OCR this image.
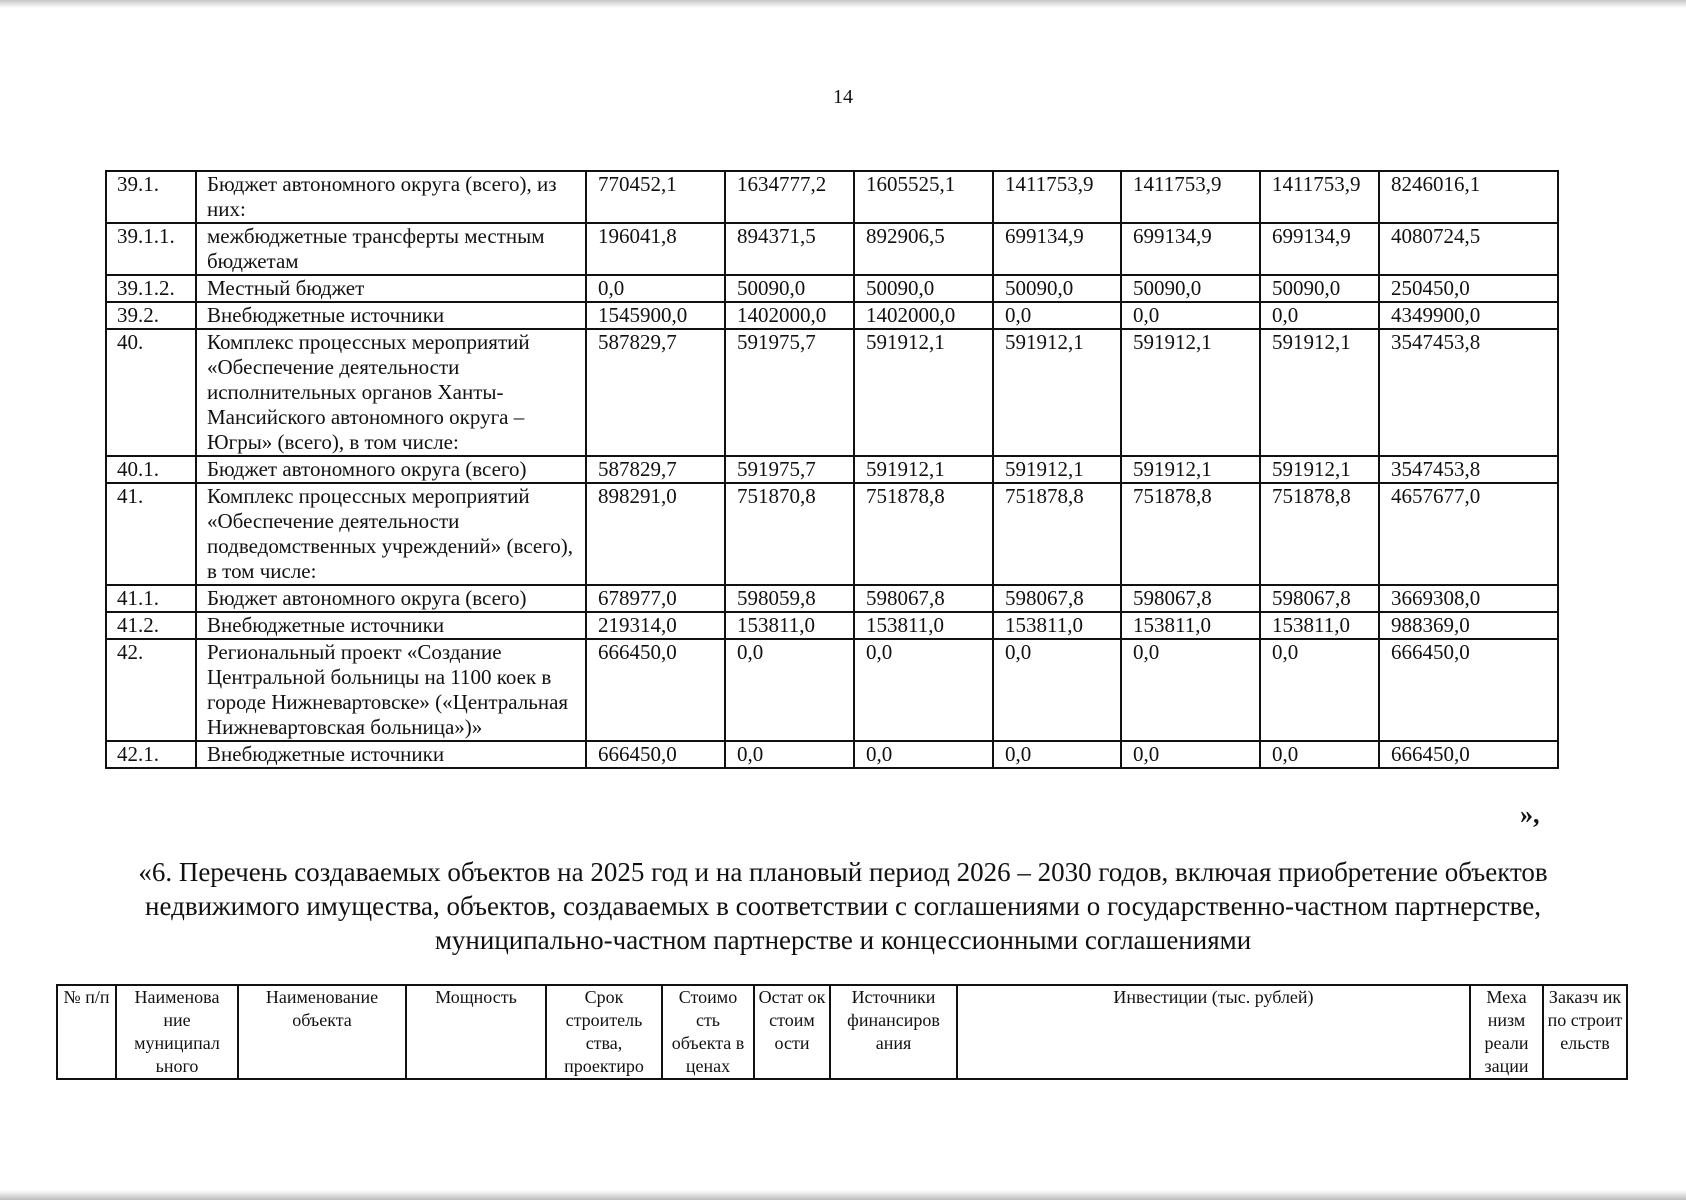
14
39.1.	Бюджет автономного округа (всего), из них:	770452,1	1634777,2	1605525,1	1411753,9	1411753,9	1411753,9	8246016,1
39.1.1.	межбюджетные трансферты местным бюджетам	196041,8	894371,5	892906,5	699134,9	699134,9	699134,9	4080724,5
39.1.2.	Местный бюджет	0,0	50090,0	50090,0	50090,0	50090,0	50090,0	250450,0
39.2.	Внебюджетные источники	1545900,0	1402000,0	1402000,0	0,0	0,0	0,0	4349900,0
40.	Комплекс процессных мероприятий «Обеспечение деятельности исполнительных органов Ханты-Мансийского автономного округа – Югры» (всего), в том числе:	587829,7	591975,7	591912,1	591912,1	591912,1	591912,1	3547453,8
40.1.	Бюджет автономного округа (всего)	587829,7	591975,7	591912,1	591912,1	591912,1	591912,1	3547453,8
41.	Комплекс процессных мероприятий «Обеспечение деятельности подведомственных учреждений» (всего), в том числе:	898291,0	751870,8	751878,8	751878,8	751878,8	751878,8	4657677,0
41.1.	Бюджет автономного округа (всего)	678977,0	598059,8	598067,8	598067,8	598067,8	598067,8	3669308,0
41.2.	Внебюджетные источники	219314,0	153811,0	153811,0	153811,0	153811,0	153811,0	988369,0
42.	Региональный проект «Создание Центральной больницы на 1100 коек в городе Нижневартовске» («Центральная Нижневартовская больница»)»	666450,0	0,0	0,0	0,0	0,0	0,0	666450,0
42.1.	Внебюджетные источники	666450,0	0,0	0,0	0,0	0,0	0,0	666450,0
»,
«6. Перечень создаваемых объектов на 2025 год и на плановый период 2026 – 2030 годов, включая приобретение объектов недвижимого имущества, объектов, создаваемых в соответствии с соглашениями о государственно-частном партнерстве, муниципально-частном партнерстве и концессионными соглашениями
№ п/п	Наименова ние муниципал ьного	Наименование объекта	Мощность	Срок строитель ства, проектиро	Стоимо сть объекта в ценах	Остат ок стоим ости	Источники финансиров ания	Инвестиции (тыс. рублей)	Меха низм реали зации	Заказч ик по строит ельств
